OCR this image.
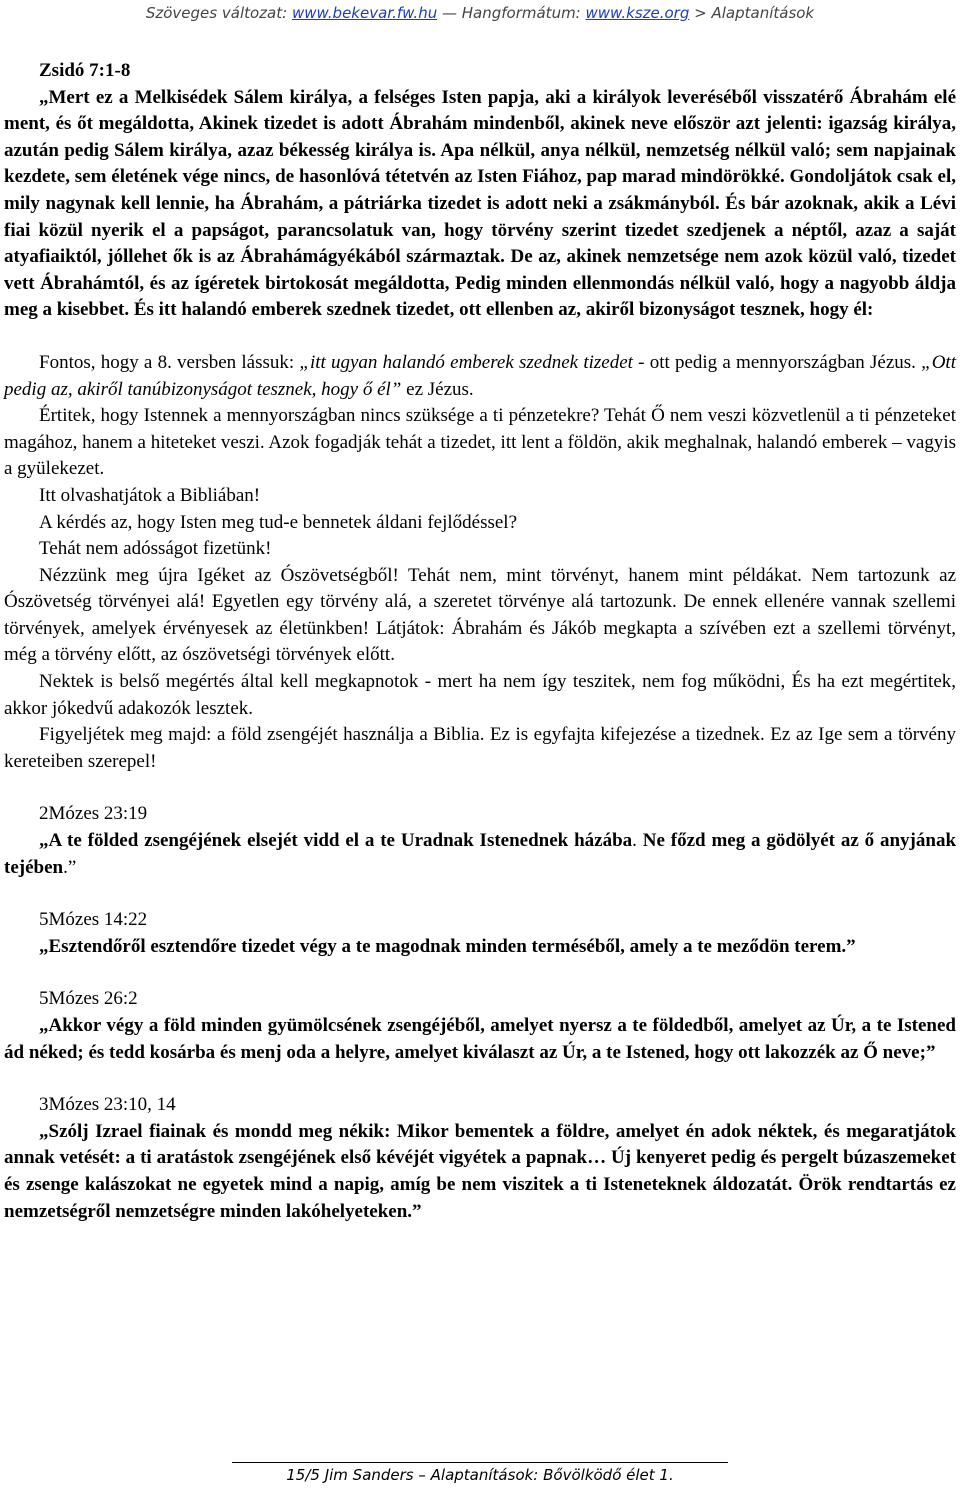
Szöveges változat: www.bekevar.fw.hu — Hangformátum: www.ksze.org > Alaptanítások

Zsidó 7:1-8

„Mert ez a Melkisédek Sálem királya, a felséges Isten papja, aki a királyok leveréséből visszatérő Ábrahám elé ment, és őt megáldotta, Akinek tizedet is adott Ábrahám mindenből, akinek neve először azt jelenti: igazság királya, azután pedig Sálem királya, azaz békesség királya is. Apa nélkül, anya nélkül, nemzetség nélkül való; sem napjainak kezdete, sem életének vége nincs, de hasonlóvá tétetvén az Isten Fiához, pap marad mindörökké. Gondoljátok csak el, mily nagynak kell lennie, ha Ábrahám, a pátriárka tizedet is adott neki a zsákmányból. És bár azoknak, akik a Lévi fiai közül nyerik el a papságot, parancsolatuk van, hogy törvény szerint tizedet szedjenek a néptől, azaz a saját atyafiaiktól, jóllehet ők is az Ábrahámágyékából származtak. De az, akinek nemzetsége nem azok közül való, tizedet vett Ábrahámtól, és az ígéretek birtokosát megáldotta, Pedig minden ellenmondás nélkül való, hogy a nagyobb áldja meg a kisebbet. És itt halandó emberek szednek tizedet, ott ellenben az, akiről bizonyságot tesznek, hogy él:

Fontos, hogy a 8. versben lássuk: „itt ugyan halandó emberek szednek tizedet - ott pedig a mennyországban Jézus. „Ott pedig az, akiről tanúbizonyságot tesznek, hogy ő él” ez Jézus.

Értitek, hogy Istennek a mennyországban nincs szüksége a ti pénzetekre? Tehát Ő nem veszi közvetlenül a ti pénzeteket magához, hanem a hiteteket veszi. Azok fogadják tehát a tizedet, itt lent a földön, akik meghalnak, halandó emberek – vagyis a gyülekezet.

Itt olvashatjátok a Bibliában!

A kérdés az, hogy Isten meg tud-e bennetek áldani fejlődéssel?

Tehát nem adósságot fizetünk!

Nézzünk meg újra Igéket az Ószövetségből! Tehát nem, mint törvényt, hanem mint példákat. Nem tartozunk az Ószövetség törvényei alá! Egyetlen egy törvény alá, a szeretet törvénye alá tartozunk. De ennek ellenére vannak szellemi törvények, amelyek érvényesek az életünkben! Látjátok: Ábrahám és Jákób megkapta a szívében ezt a szellemi törvényt, még a törvény előtt, az ószövetségi törvények előtt.

Nektek is belső megértés által kell megkapnotok - mert ha nem így teszitek, nem fog működni, És ha ezt megértitek, akkor jókedvű adakozók lesztek.

Figyeljétek meg majd: a föld zsengéjét használja a Biblia. Ez is egyfajta kifejezése a tizednek. Ez az Ige sem a törvény kereteiben szerepel!

2Mózes 23:19

„A te földed zsengéjének elsejét vidd el a te Uradnak Istenednek házába. Ne főzd meg a gödölyét az ő anyjának tejében.”

5Mózes 14:22

„Esztendőről esztendőre tizedet végy a te magodnak minden terméséből, amely a te meződön terem.”

5Mózes 26:2

„Akkor végy a föld minden gyümölcsének zsengéjéből, amelyet nyersz a te földedből, amelyet az Úr, a te Istened ád néked; és tedd kosárba és menj oda a helyre, amelyet kiválaszt az Úr, a te Istened, hogy ott lakozzék az Ő neve;”

3Mózes 23:10, 14

„Szólj Izrael fiainak és mondd meg nékik: Mikor bementek a földre, amelyet én adok néktek, és megaratjátok annak vetését: a ti aratástok zsengéjének első kévéjét vigyétek a papnak… Új kenyeret pedig és pergelt búzaszemeket és zsenge kalászokat ne egyetek mind a napig, amíg be nem viszitek a ti Isteneteknek áldozatát. Örök rendtartás ez nemzetségről nemzetségre minden lakóhelyeteken.”

15/5 Jim Sanders – Alaptanítások: Bővölködő élet 1.
